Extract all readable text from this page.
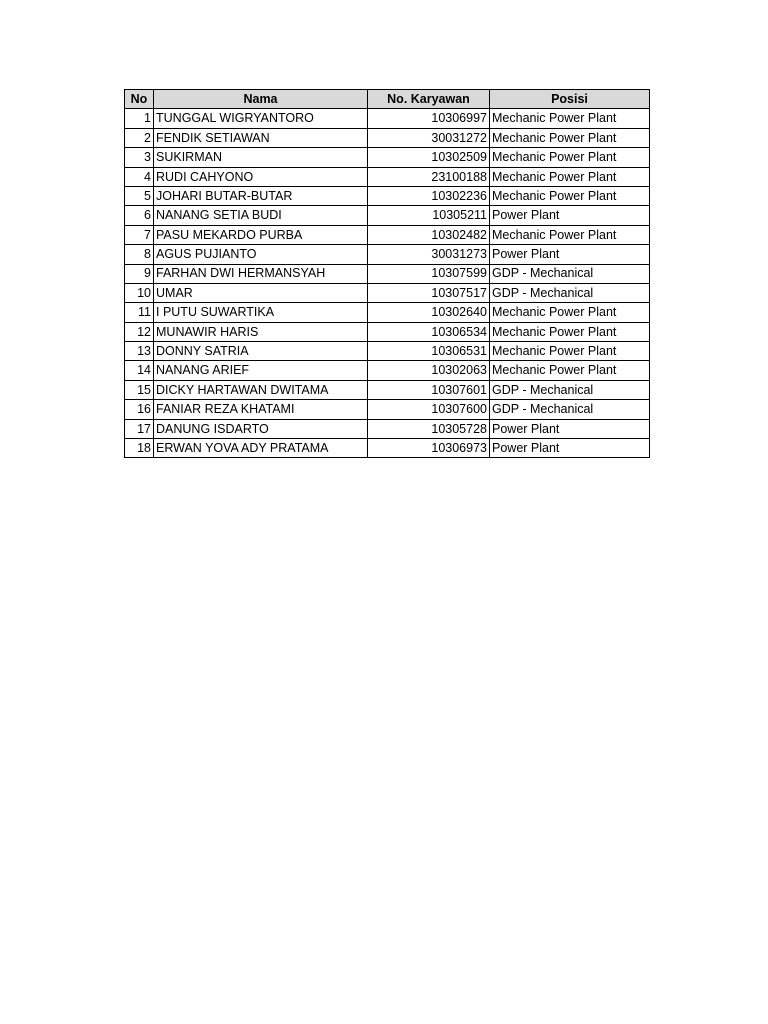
No	Nama	No. Karyawan	Posisi
1	TUNGGAL WIGRYANTORO	10306997	Mechanic Power Plant
2	FENDIK SETIAWAN	30031272	Mechanic Power Plant
3	SUKIRMAN	10302509	Mechanic Power Plant
4	RUDI CAHYONO	23100188	Mechanic Power Plant
5	JOHARI BUTAR-BUTAR	10302236	Mechanic Power Plant
6	NANANG SETIA BUDI	10305211	Power Plant
7	PASU MEKARDO PURBA	10302482	Mechanic Power Plant
8	AGUS PUJIANTO	30031273	Power Plant
9	FARHAN DWI HERMANSYAH	10307599	GDP - Mechanical
10	UMAR	10307517	GDP - Mechanical
11	I PUTU SUWARTIKA	10302640	Mechanic Power Plant
12	MUNAWIR HARIS	10306534	Mechanic Power Plant
13	DONNY SATRIA	10306531	Mechanic Power Plant
14	NANANG ARIEF	10302063	Mechanic Power Plant
15	DICKY HARTAWAN DWITAMA	10307601	GDP - Mechanical
16	FANIAR REZA KHATAMI	10307600	GDP - Mechanical
17	DANUNG ISDARTO	10305728	Power Plant
18	ERWAN YOVA ADY PRATAMA	10306973	Power Plant
